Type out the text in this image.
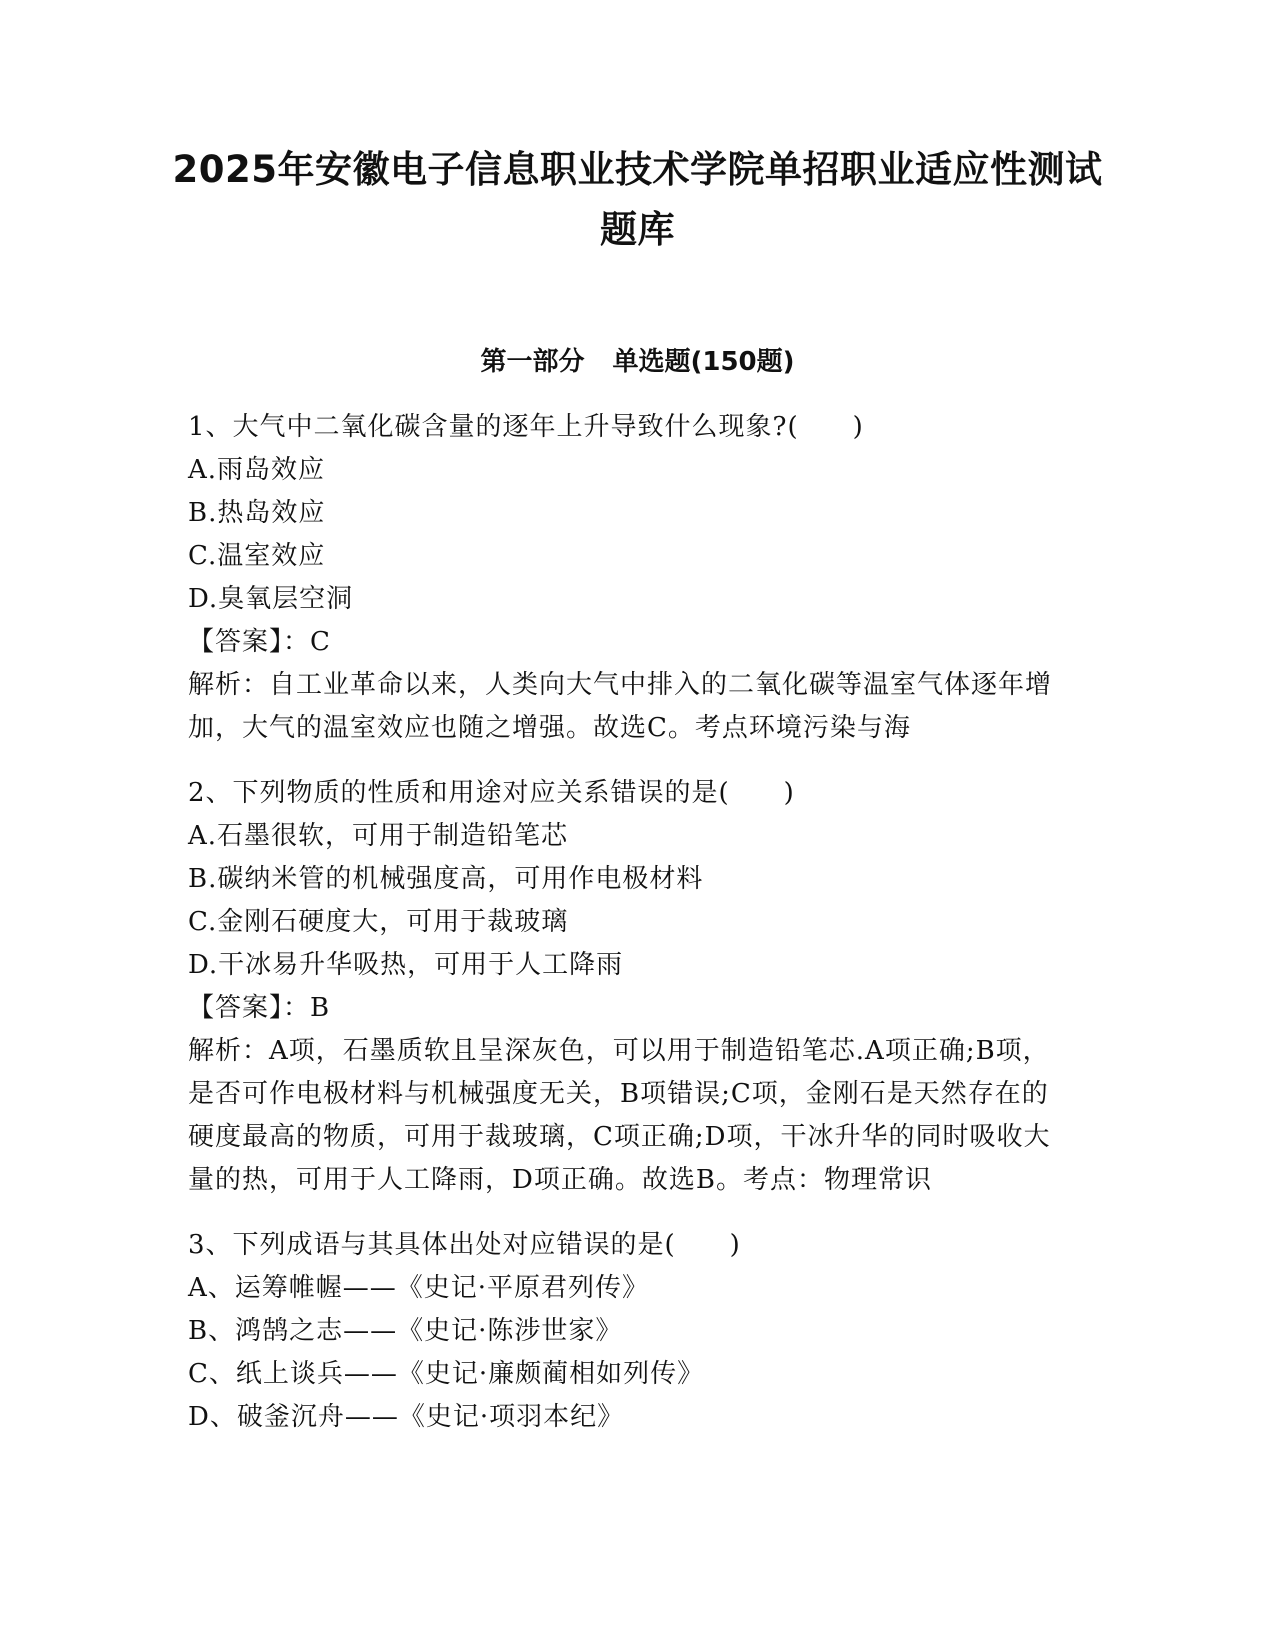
2025年安徽电子信息职业技术学院单招职业适应性测试题库
第一部分 单选题(150题)
1、大气中二氧化碳含量的逐年上升导致什么现象?(　　)
A.雨岛效应
B.热岛效应
C.温室效应
D.臭氧层空洞
【答案】：C
解析：自工业革命以来，人类向大气中排入的二氧化碳等温室气体逐年增加，大气的温室效应也随之增强。故选C。考点环境污染与海
2、下列物质的性质和用途对应关系错误的是(　　)
A.石墨很软，可用于制造铅笔芯
B.碳纳米管的机械强度高，可用作电极材料
C.金刚石硬度大，可用于裁玻璃
D.干冰易升华吸热，可用于人工降雨
【答案】：B
解析：A项，石墨质软且呈深灰色，可以用于制造铅笔芯.A项正确;B项，是否可作电极材料与机械强度无关，B项错误;C项，金刚石是天然存在的硬度最高的物质，可用于裁玻璃，C项正确;D项，干冰升华的同时吸收大量的热，可用于人工降雨，D项正确。故选B。考点：物理常识
3、下列成语与其具体出处对应错误的是(　　)
A、运筹帷幄——《史记·平原君列传》
B、鸿鹄之志——《史记·陈涉世家》
C、纸上谈兵——《史记·廉颇蔺相如列传》
D、破釜沉舟——《史记·项羽本纪》
